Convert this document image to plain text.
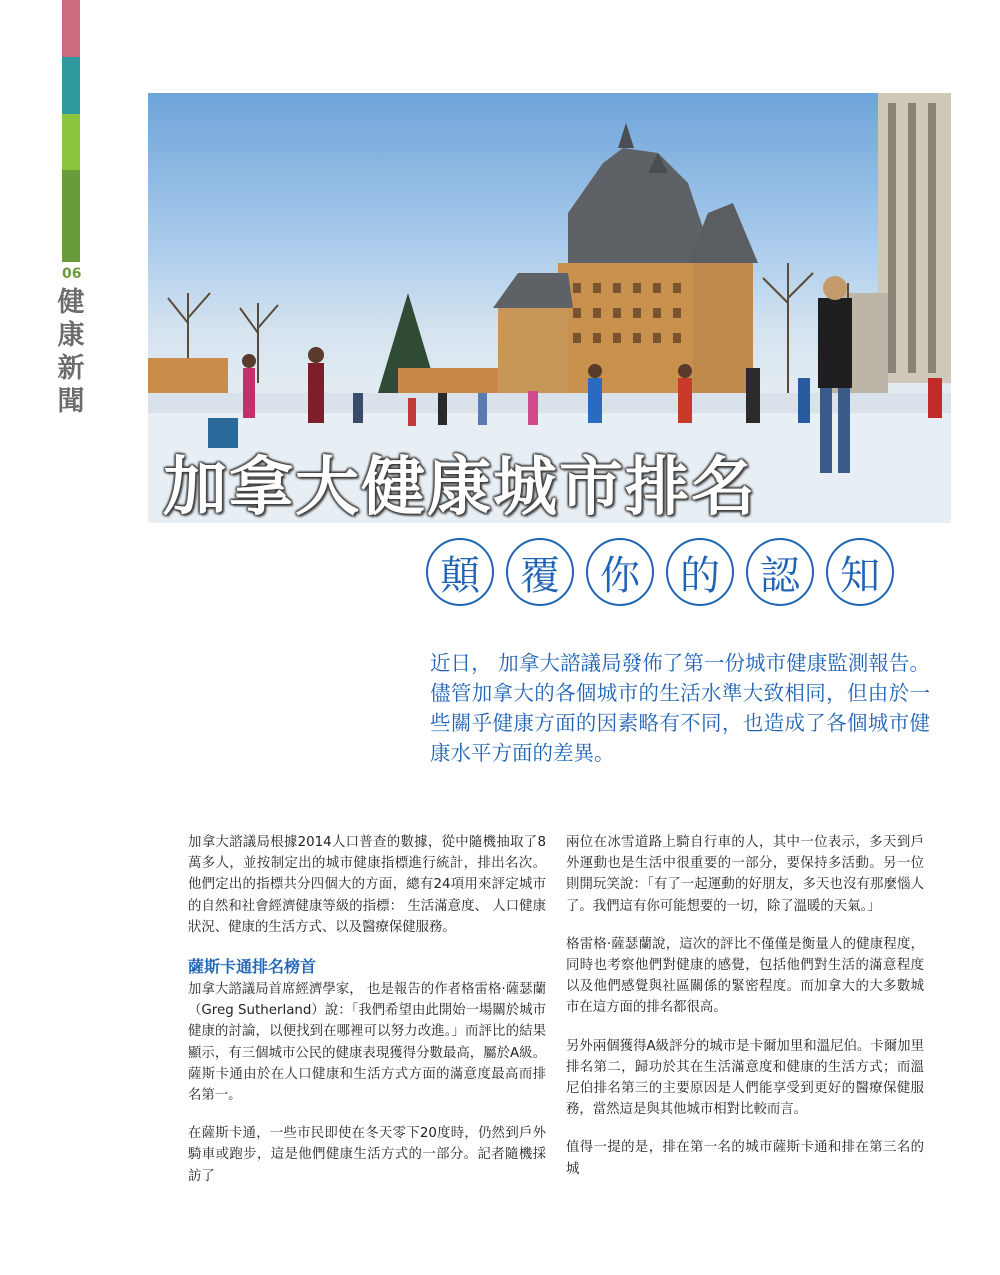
06
健康新聞
加拿大健康城市排名
顛	覆	你	的	認	知
近日， 加拿大諮議局發佈了第一份城市健康監測報告。儘管加拿大的各個城市的生活水準大致相同，但由於一些關乎健康方面的因素略有不同，也造成了各個城市健康水平方面的差異。

加拿大諮議局根據2014人口普查的數據，從中隨機抽取了8萬多人，並按制定出的城市健康指標進行統計，排出名次。他們定出的指標共分四個大的方面，總有24項用來評定城市的自然和社會經濟健康等級的指標： 生活滿意度、 人口健康狀況、健康的生活方式、以及醫療保健服務。

薩斯卡通排名榜首

加拿大諮議局首席經濟學家， 也是報告的作者格雷格·薩瑟蘭（Greg Sutherland）說：「我們希望由此開始一場關於城市健康的討論，以便找到在哪裡可以努力改進。」而評比的結果顯示，有三個城市公民的健康表現獲得分數最高，屬於A級。薩斯卡通由於在人口健康和生活方式方面的滿意度最高而排名第一。

在薩斯卡通，一些市民即使在冬天零下20度時，仍然到戶外騎車或跑步，這是他們健康生活方式的一部分。記者隨機採訪了

兩位在冰雪道路上騎自行車的人，其中一位表示，多天到戶外運動也是生活中很重要的一部分，要保持多活動。另一位則開玩笑說：「有了一起運動的好朋友，多天也沒有那麼惱人了。我們這有你可能想要的一切，除了溫暖的天氣。」

格雷格·薩瑟蘭說，這次的評比不僅僅是衡量人的健康程度，同時也考察他們對健康的感覺，包括他們對生活的滿意程度以及他們感覺與社區關係的緊密程度。而加拿大的大多數城市在這方面的排名都很高。

另外兩個獲得A級評分的城市是卡爾加里和溫尼伯。卡爾加里排名第二，歸功於其在生活滿意度和健康的生活方式；而溫尼伯排名第三的主要原因是人們能享受到更好的醫療保健服務，當然這是與其他城市相對比較而言。

值得一提的是，排在第一名的城市薩斯卡通和排在第三名的城
